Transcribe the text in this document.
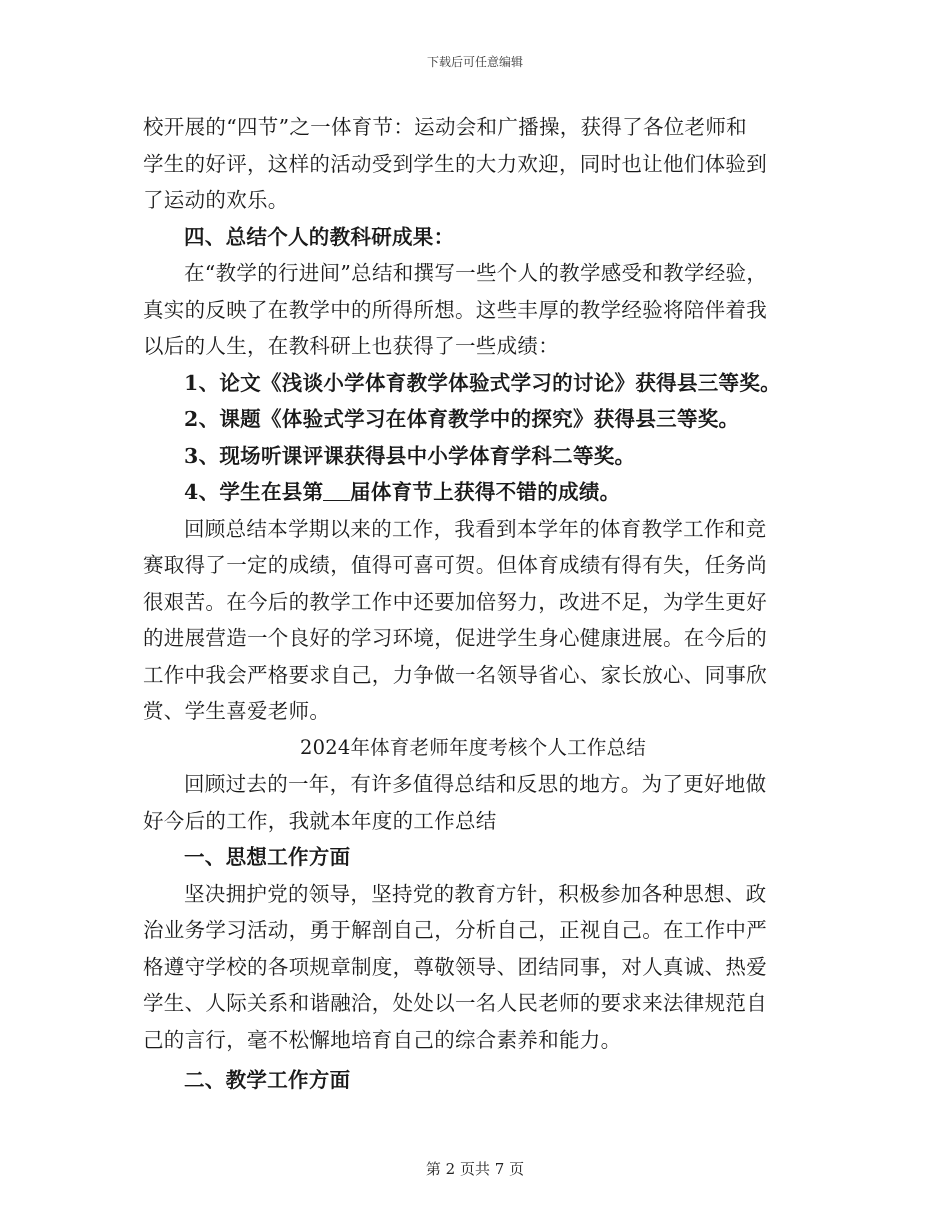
下载后可任意编辑

校开展的“四节”之一体育节：运动会和广播操，获得了各位老师和

学生的好评，这样的活动受到学生的大力欢迎，同时也让他们体验到

了运动的欢乐。

四、总结个人的教科研成果：

在“教学的行进间”总结和撰写一些个人的教学感受和教学经验，

真实的反映了在教学中的所得所想。这些丰厚的教学经验将陪伴着我

以后的人生，在教科研上也获得了一些成绩：

1、论文《浅谈小学体育教学体验式学习的讨论》获得县三等奖。

2、课题《体验式学习在体育教学中的探究》获得县三等奖。

3、现场听课评课获得县中小学体育学科二等奖。

4、学生在县第 届体育节上获得不错的成绩。

回顾总结本学期以来的工作，我看到本学年的体育教学工作和竞

赛取得了一定的成绩，值得可喜可贺。但体育成绩有得有失，任务尚

很艰苦。在今后的教学工作中还要加倍努力，改进不足，为学生更好

的进展营造一个良好的学习环境，促进学生身心健康进展。在今后的

工作中我会严格要求自己，力争做一名领导省心、家长放心、同事欣

赏、学生喜爱老师。

2024年体育老师年度考核个人工作总结

回顾过去的一年，有许多值得总结和反思的地方。为了更好地做

好今后的工作，我就本年度的工作总结

一、思想工作方面

坚决拥护党的领导，坚持党的教育方针，积极参加各种思想、政

治业务学习活动，勇于解剖自己，分析自己，正视自己。在工作中严

格遵守学校的各项规章制度，尊敬领导、团结同事，对人真诚、热爱

学生、人际关系和谐融洽，处处以一名人民老师的要求来法律规范自

己的言行，毫不松懈地培育自己的综合素养和能力。

二、教学工作方面

第 2 页共 7 页
